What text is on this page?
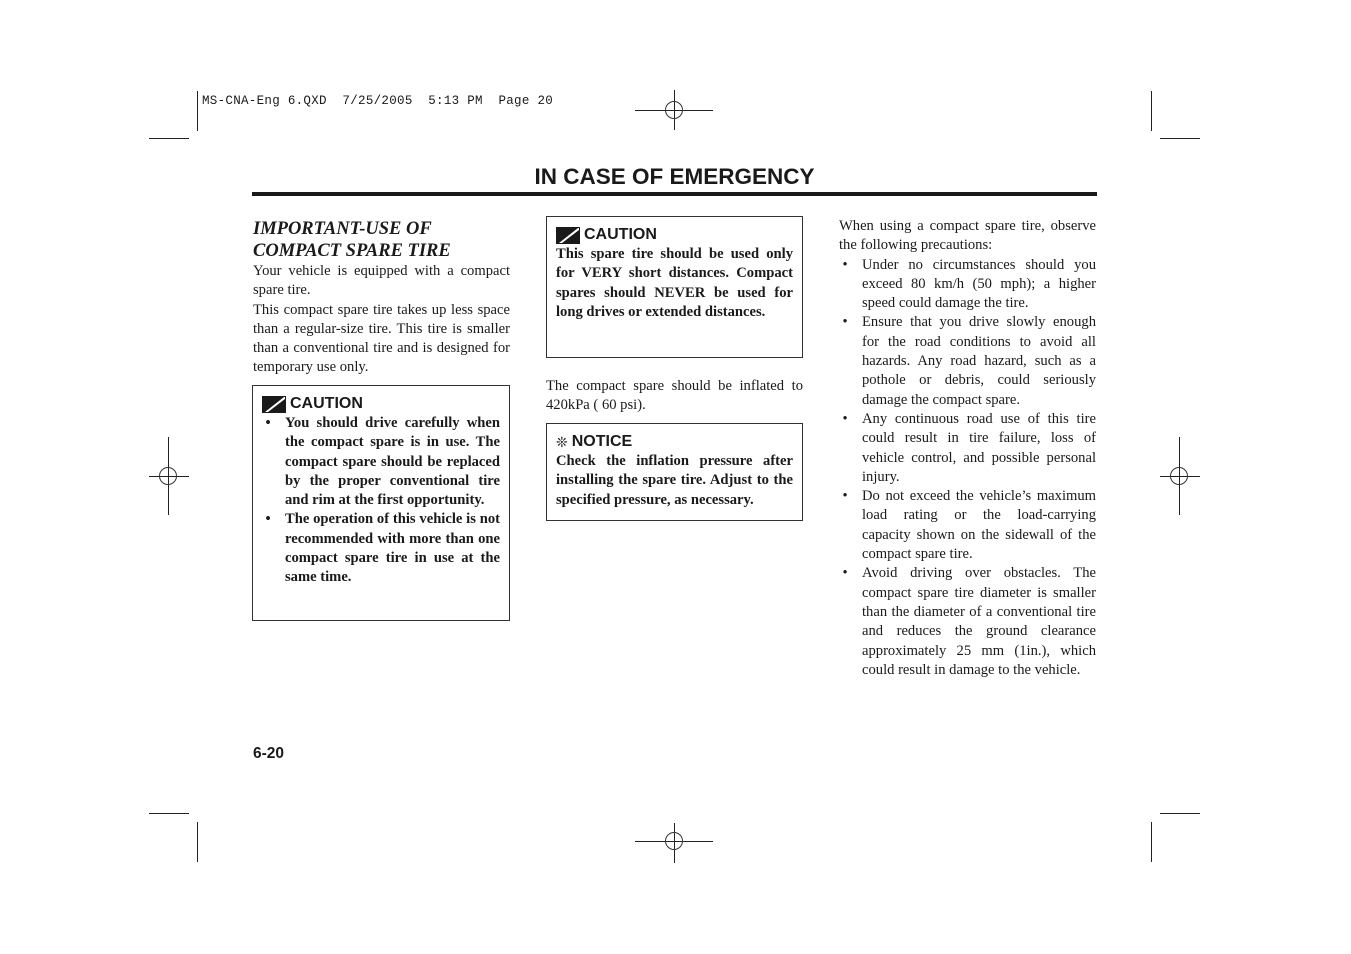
MS-CNA-Eng 6.QXD  7/25/2005  5:13 PM  Page 20
IN CASE OF EMERGENCY
IMPORTANT-USE OF COMPACT SPARE TIRE

Your vehicle is equipped with a compact spare tire.

This compact spare tire takes up less space than a regular-size tire. This tire is smaller than a conventional tire and is designed for temporary use only.

CAUTION
• You should drive carefully when the compact spare is in use. The compact spare should be replaced by the proper conventional tire and rim at the first opportunity.
• The operation of this vehicle is not recommended with more than one compact spare tire in use at the same time.
CAUTION
This spare tire should be used only for VERY short distances. Compact spares should NEVER be used for long drives or extended distances.

The compact spare should be inflated to 420kPa ( 60 psi).

❊ NOTICE
Check the inflation pressure after installing the spare tire. Adjust to the specified pressure, as necessary.

When using a compact spare tire, observe the following precautions:

• Under no circumstances should you exceed 80 km/h (50 mph); a higher speed could damage the tire.
• Ensure that you drive slowly enough for the road conditions to avoid all hazards. Any road hazard, such as a pothole or debris, could seriously damage the compact spare.
• Any continuous road use of this tire could result in tire failure, loss of vehicle control, and possible personal injury.
• Do not exceed the vehicle’s maximum load rating or the load-carrying capacity shown on the sidewall of the compact spare tire.
• Avoid driving over obstacles. The compact spare tire diameter is smaller than the diameter of a conventional tire and reduces the ground clearance approximately 25 mm (1in.), which could result in damage to the vehicle.
6-20
